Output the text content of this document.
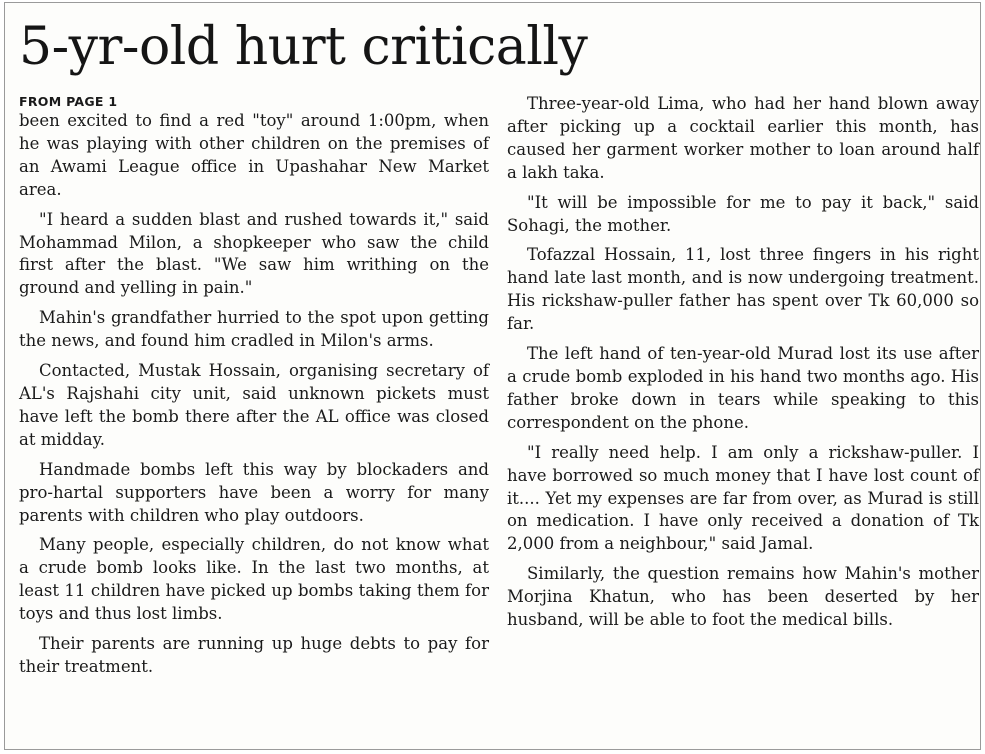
5-yr-old hurt critically
FROM PAGE 1

been excited to find a red "toy" around 1:00pm, when he was playing with other children on the premises of an Awami League office in Upashahar New Market area.

"I heard a sudden blast and rushed towards it," said Mohammad Milon, a shopkeeper who saw the child first after the blast. "We saw him writhing on the ground and yelling in pain."

Mahin's grandfather hurried to the spot upon getting the news, and found him cradled in Milon's arms.

Contacted, Mustak Hossain, organising secretary of AL's Rajshahi city unit, said unknown pickets must have left the bomb there after the AL office was closed at midday.

Handmade bombs left this way by blockaders and pro-hartal supporters have been a worry for many parents with children who play outdoors.

Many people, especially children, do not know what a crude bomb looks like. In the last two months, at least 11 children have picked up bombs taking them for toys and thus lost limbs.

Their parents are running up huge debts to pay for their treatment.

Three-year-old Lima, who had her hand blown away after picking up a cocktail earlier this month, has caused her garment worker mother to loan around half a lakh taka.

"It will be impossible for me to pay it back," said Sohagi, the mother.

Tofazzal Hossain, 11, lost three fingers in his right hand late last month, and is now undergoing treatment. His rickshaw-puller father has spent over Tk 60,000 so far.

The left hand of ten-year-old Murad lost its use after a crude bomb exploded in his hand two months ago. His father broke down in tears while speaking to this correspondent on the phone.

"I really need help. I am only a rickshaw-puller. I have borrowed so much money that I have lost count of it.... Yet my expenses are far from over, as Murad is still on medication. I have only received a donation of Tk 2,000 from a neighbour," said Jamal.

Similarly, the question remains how Mahin's mother Morjina Khatun, who has been deserted by her husband, will be able to foot the medical bills.
